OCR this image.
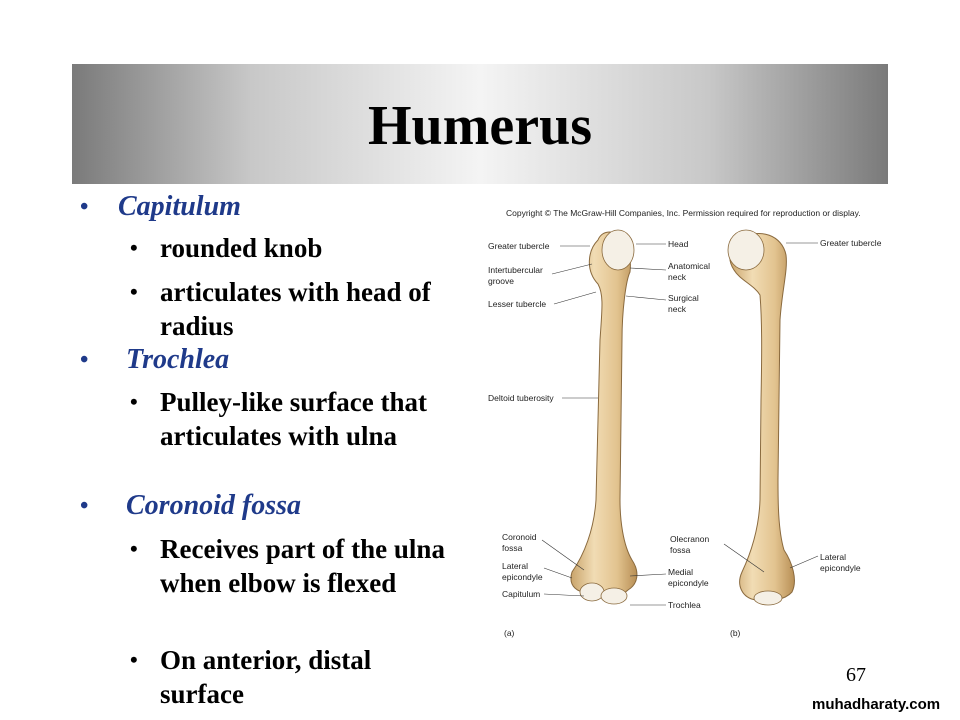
Humerus
• Capitulum
• rounded knob
• articulates with head of radius
• Trochlea
• Pulley-like surface that articulates with ulna
• Coronoid fossa
• Receives part of the ulna when elbow is flexed
• On anterior, distal surface
Copyright © The McGraw-Hill Companies, Inc. Permission required for reproduction or display.
Greater tubercle
Intertubercular
groove
Lesser tubercle
Deltoid tuberosity
Coronoid
fossa
Lateral
epicondyle
Capitulum
Head
Anatomical
neck
Surgical
neck
Olecranon
fossa
Medial
epicondyle
Trochlea
Greater tubercle
Lateral
epicondyle
(a)	(b)
67
muhadharaty.com
